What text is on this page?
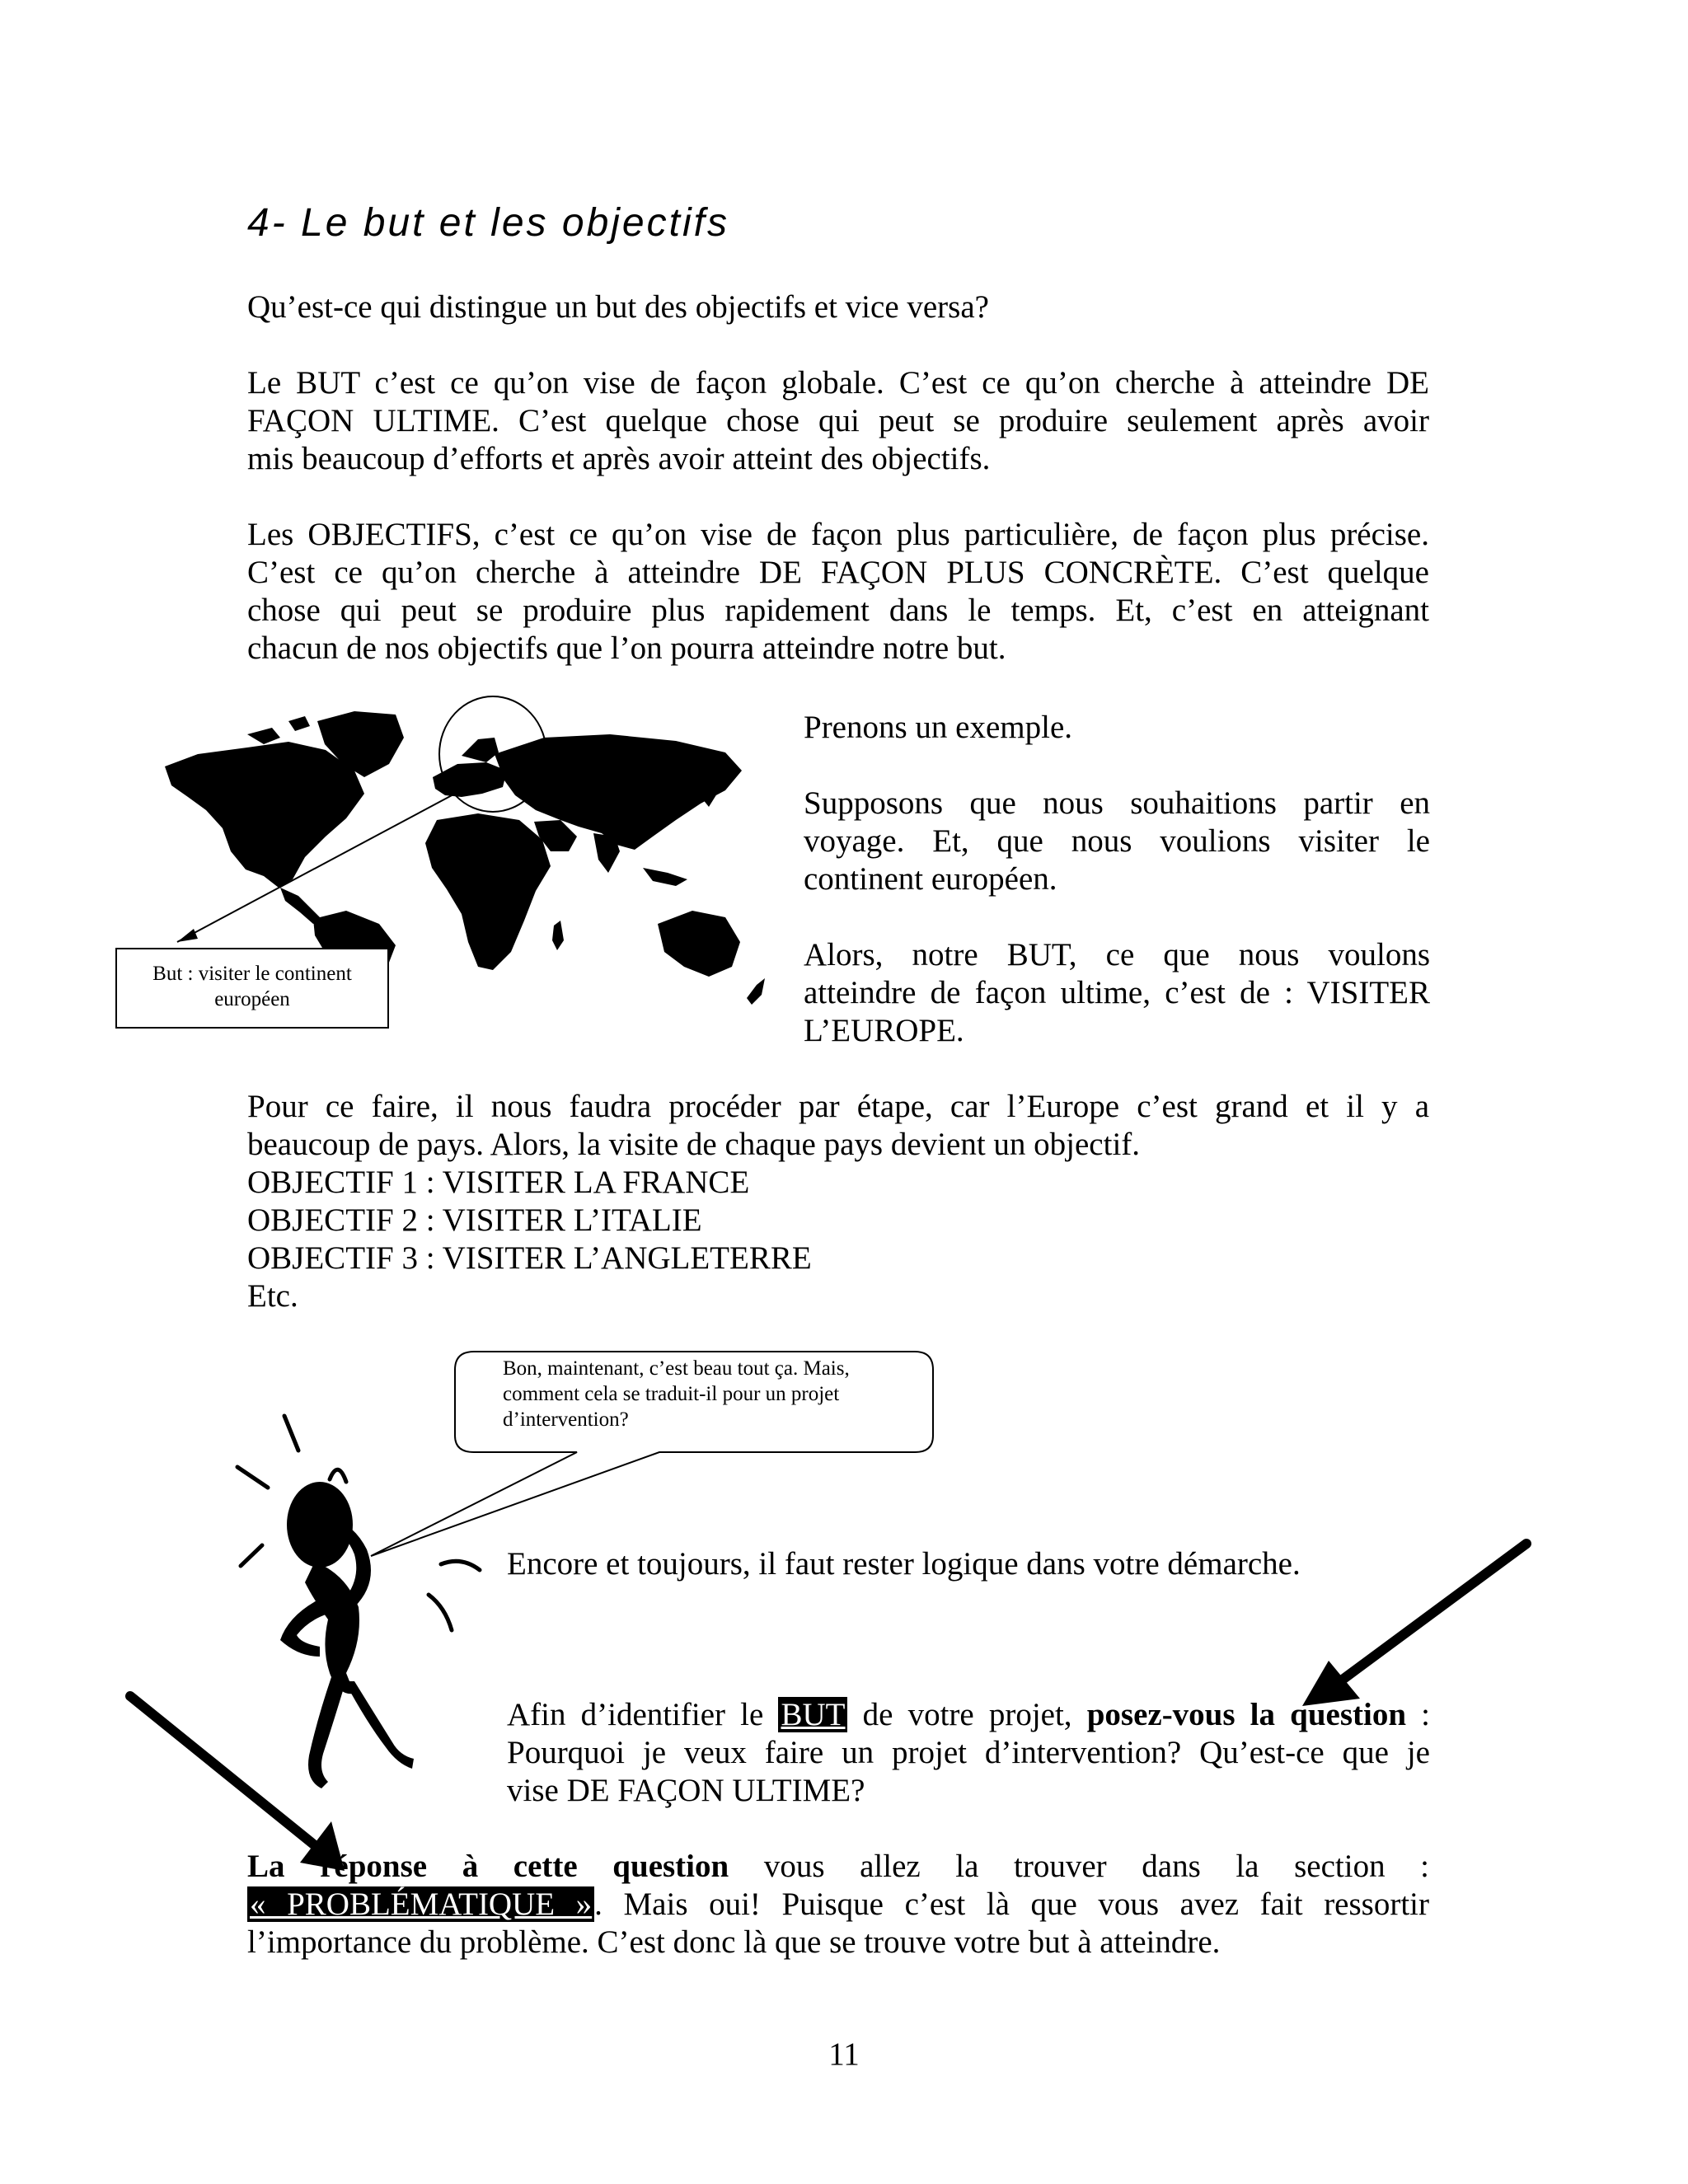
4- Le but et les objectifs

Qu’est-ce qui distingue un but des objectifs et vice versa?

Le BUT c’est ce qu’on vise de façon globale. C’est ce qu’on cherche à atteindre DE
FAÇON ULTIME. C’est quelque chose qui peut se produire seulement après avoir
mis beaucoup d’efforts et après avoir atteint des objectifs.

Les OBJECTIFS, c’est ce qu’on vise de façon plus particulière, de façon plus précise.
C’est ce qu’on cherche à atteindre DE FAÇON PLUS CONCRÈTE. C’est quelque
chose qui peut se produire plus rapidement dans le temps. Et, c’est en atteignant
chacun de nos objectifs que l’on pourra atteindre notre but.

But : visiter le continent
européen

Prenons un exemple.

Supposons que nous souhaitions partir en
voyage. Et, que nous voulions visiter le
continent européen.

Alors, notre BUT, ce que nous voulons
atteindre de façon ultime, c’est de : VISITER
L’EUROPE.

Pour ce faire, il nous faudra procéder par étape, car l’Europe c’est grand et il y a
beaucoup de pays. Alors, la visite de chaque pays devient un objectif.

OBJECTIF 1 : VISITER LA FRANCE
OBJECTIF 2 : VISITER L’ITALIE
OBJECTIF 3 : VISITER L’ANGLETERRE
Etc.
Bon, maintenant, c’est beau tout ça. Mais,
comment cela se traduit-il pour un projet
d’intervention?

Encore et toujours, il faut rester logique dans votre démarche.

Afin d’identifier le BUT de votre projet, posez-vous la question :
Pourquoi je veux faire un projet d’intervention? Qu’est-ce que je
vise DE FAÇON ULTIME?
La réponse à cette question vous allez la trouver dans la section :
« PROBLÉMATIQUE ». Mais oui! Puisque c’est là que vous avez fait ressortir
l’importance du problème. C’est donc là que se trouve votre but à atteindre.
11
